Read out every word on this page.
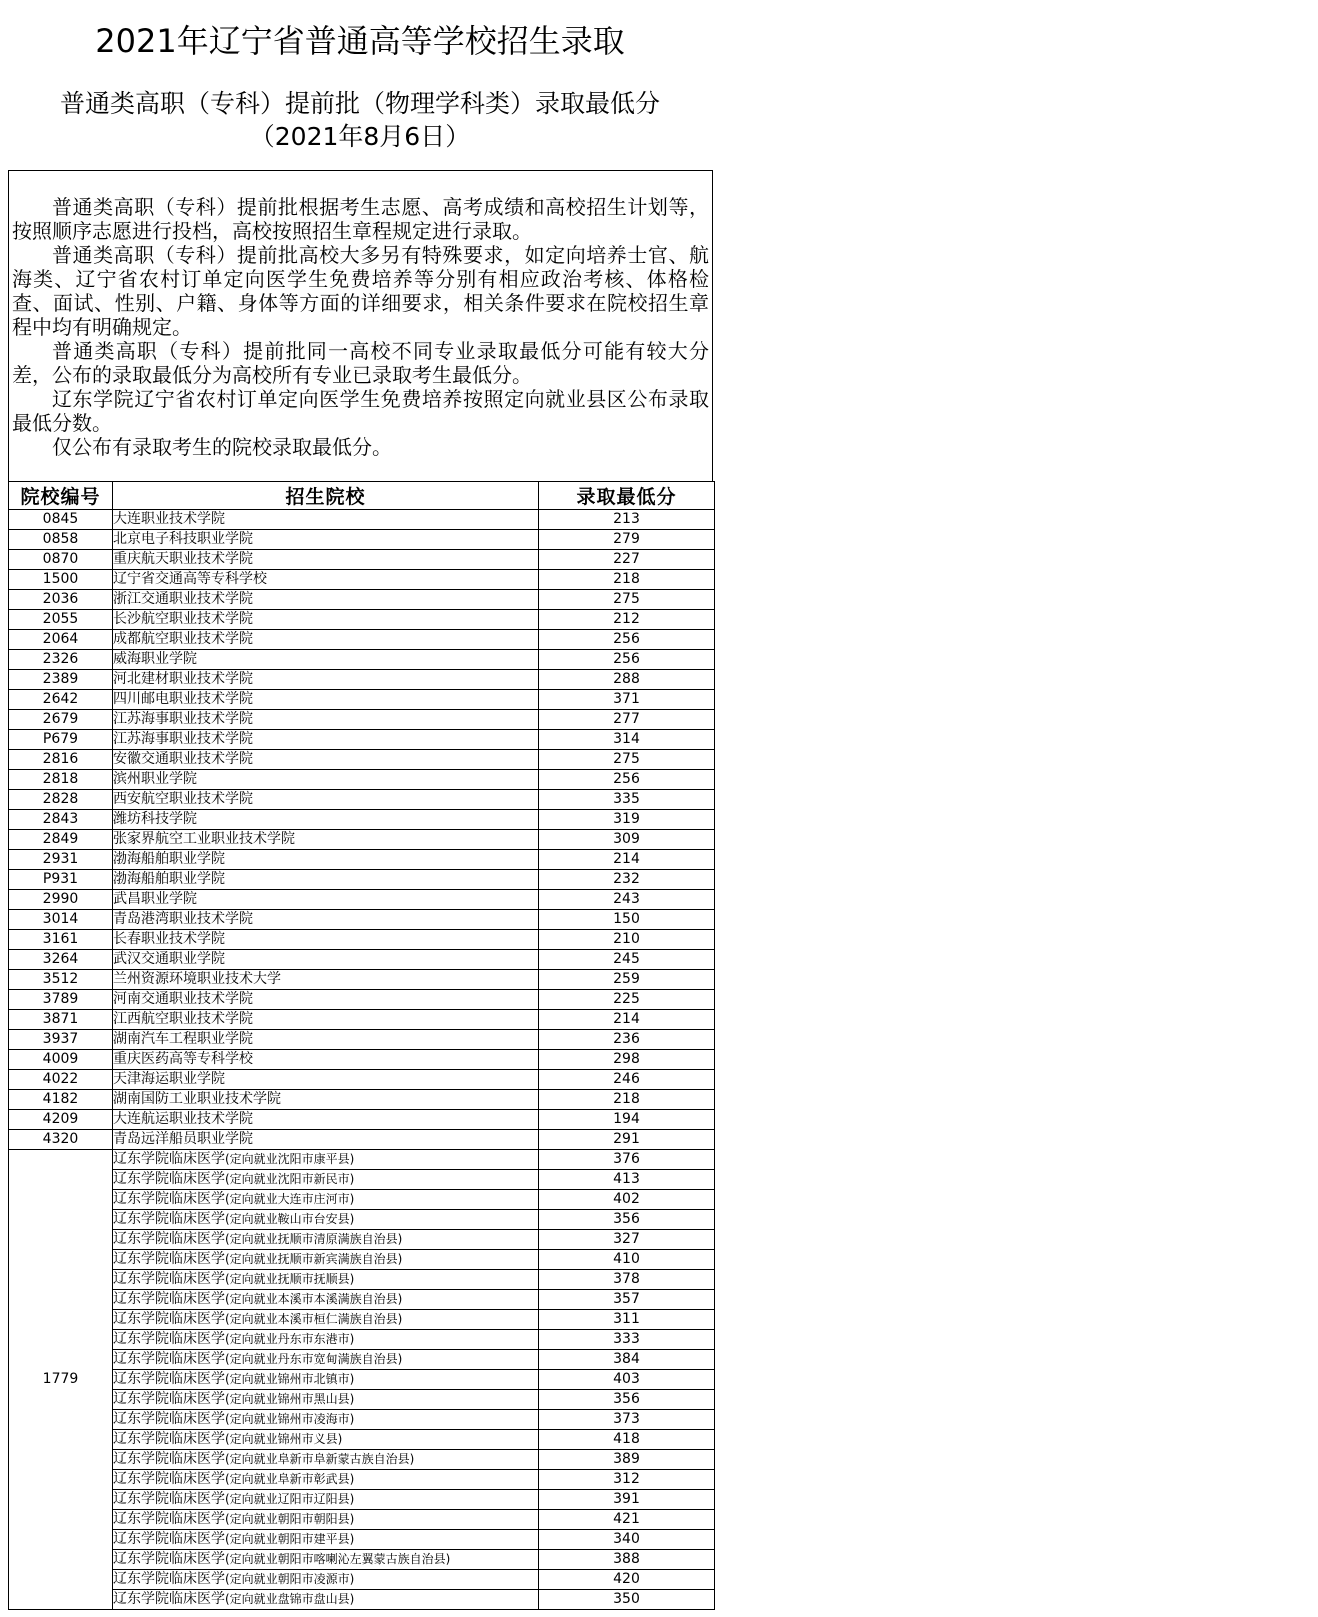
2021年辽宁省普通高等学校招生录取
普通类高职（专科）提前批（物理学科类）录取最低分
（2021年8月6日）

普通类高职（专科）提前批根据考生志愿、高考成绩和高校招生计划等，按照顺序志愿进行投档，高校按照招生章程规定进行录取。

普通类高职（专科）提前批高校大多另有特殊要求，如定向培养士官、航海类、辽宁省农村订单定向医学生免费培养等分别有相应政治考核、体格检查、面试、性别、户籍、身体等方面的详细要求，相关条件要求在院校招生章程中均有明确规定。

普通类高职（专科）提前批同一高校不同专业录取最低分可能有较大分差，公布的录取最低分为高校所有专业已录取考生最低分。

辽东学院辽宁省农村订单定向医学生免费培养按照定向就业县区公布录取最低分数。

仅公布有录取考生的院校录取最低分。

院校编号	招生院校	录取最低分
0845	大连职业技术学院	213
0858	北京电子科技职业学院	279
0870	重庆航天职业技术学院	227
1500	辽宁省交通高等专科学校	218
2036	浙江交通职业技术学院	275
2055	长沙航空职业技术学院	212
2064	成都航空职业技术学院	256
2326	威海职业学院	256
2389	河北建材职业技术学院	288
2642	四川邮电职业技术学院	371
2679	江苏海事职业技术学院	277
P679	江苏海事职业技术学院	314
2816	安徽交通职业技术学院	275
2818	滨州职业学院	256
2828	西安航空职业技术学院	335
2843	潍坊科技学院	319
2849	张家界航空工业职业技术学院	309
2931	渤海船舶职业学院	214
P931	渤海船舶职业学院	232
2990	武昌职业学院	243
3014	青岛港湾职业技术学院	150
3161	长春职业技术学院	210
3264	武汉交通职业学院	245
3512	兰州资源环境职业技术大学	259
3789	河南交通职业技术学院	225
3871	江西航空职业技术学院	214
3937	湖南汽车工程职业学院	236
4009	重庆医药高等专科学校	298
4022	天津海运职业学院	246
4182	湖南国防工业职业技术学院	218
4209	大连航运职业技术学院	194
4320	青岛远洋船员职业学院	291
1779	辽东学院临床医学(定向就业沈阳市康平县)	376
	辽东学院临床医学(定向就业沈阳市新民市)	413
	辽东学院临床医学(定向就业大连市庄河市)	402
	辽东学院临床医学(定向就业鞍山市台安县)	356
	辽东学院临床医学(定向就业抚顺市清原满族自治县)	327
	辽东学院临床医学(定向就业抚顺市新宾满族自治县)	410
	辽东学院临床医学(定向就业抚顺市抚顺县)	378
	辽东学院临床医学(定向就业本溪市本溪满族自治县)	357
	辽东学院临床医学(定向就业本溪市桓仁满族自治县)	311
	辽东学院临床医学(定向就业丹东市东港市)	333
	辽东学院临床医学(定向就业丹东市宽甸满族自治县)	384
	辽东学院临床医学(定向就业锦州市北镇市)	403
	辽东学院临床医学(定向就业锦州市黑山县)	356
	辽东学院临床医学(定向就业锦州市凌海市)	373
	辽东学院临床医学(定向就业锦州市义县)	418
	辽东学院临床医学(定向就业阜新市阜新蒙古族自治县)	389
	辽东学院临床医学(定向就业阜新市彰武县)	312
	辽东学院临床医学(定向就业辽阳市辽阳县)	391
	辽东学院临床医学(定向就业朝阳市朝阳县)	421
	辽东学院临床医学(定向就业朝阳市建平县)	340
	辽东学院临床医学(定向就业朝阳市喀喇沁左翼蒙古族自治县)	388
	辽东学院临床医学(定向就业朝阳市凌源市)	420
	辽东学院临床医学(定向就业盘锦市盘山县)	350
